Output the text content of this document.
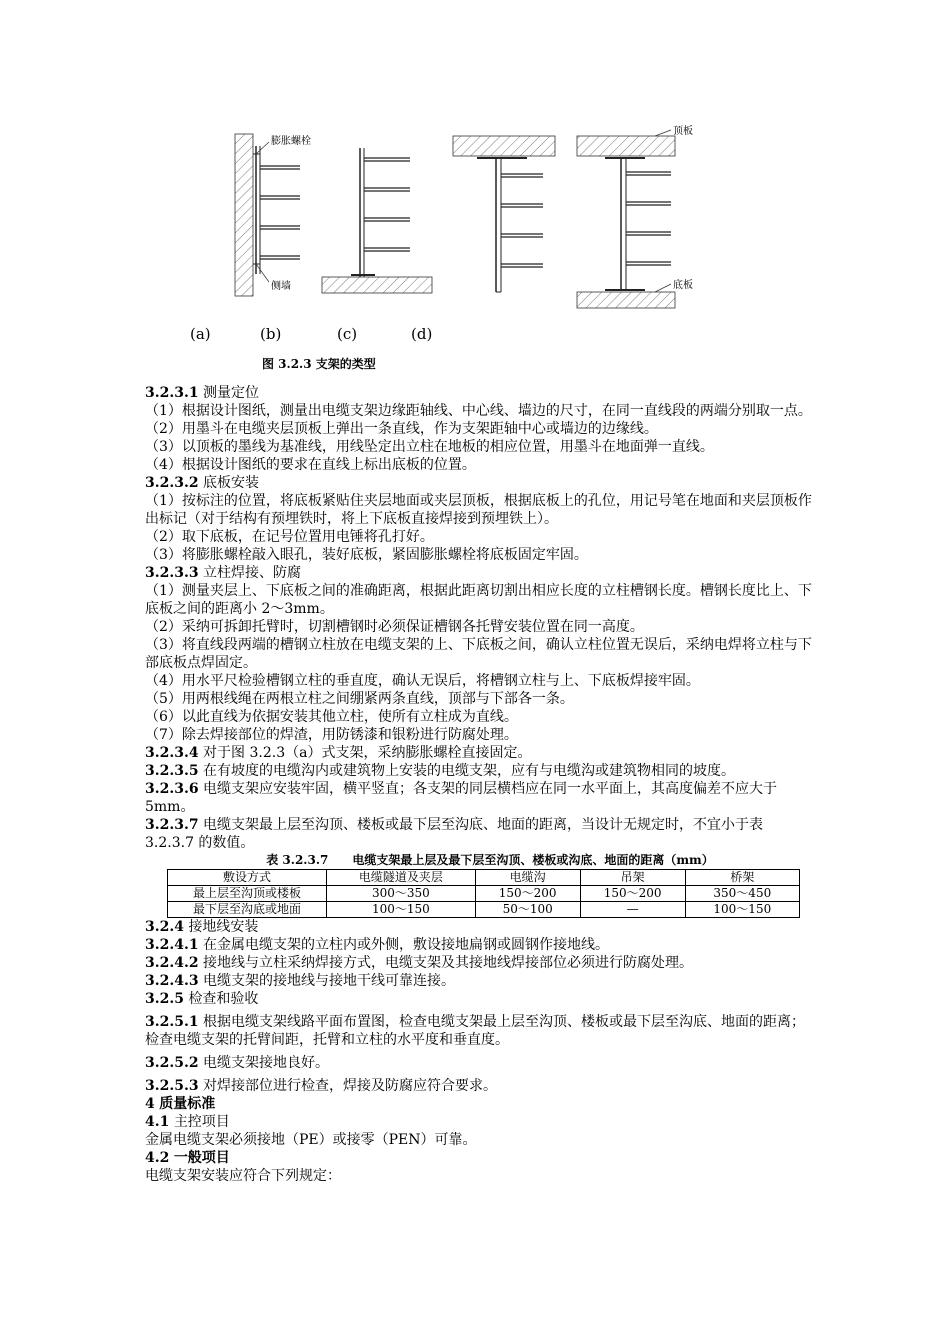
膨胀螺栓
侧墙
顶板
底板
(a)	(b)	(c)	(d)
图 3.2.3 支架的类型

3.2.3.1 测量定位

（1）根据设计图纸，测量出电缆支架边缘距轴线、中心线、墙边的尺寸，在同一直线段的两端分别取一点。

（2）用墨斗在电缆夹层顶板上弹出一条直线，作为支架距轴中心或墙边的边缘线。

（3）以顶板的墨线为基准线，用线坠定出立柱在地板的相应位置，用墨斗在地面弹一直线。

（4）根据设计图纸的要求在直线上标出底板的位置。

3.2.3.2 底板安装

（1）按标注的位置，将底板紧贴住夹层地面或夹层顶板，根据底板上的孔位，用记号笔在地面和夹层顶板作出标记（对于结构有预埋铁时，将上下底板直接焊接到预埋铁上）。

（2）取下底板，在记号位置用电锤将孔打好。

（3）将膨胀螺栓敲入眼孔，装好底板，紧固膨胀螺栓将底板固定牢固。

3.2.3.3 立柱焊接、防腐

（1）测量夹层上、下底板之间的准确距离，根据此距离切割出相应长度的立柱槽钢长度。槽钢长度比上、下底板之间的距离小 2～3mm。

（2）采纳可拆卸托臂时，切割槽钢时必须保证槽钢各托臂安装位置在同一高度。

（3）将直线段两端的槽钢立柱放在电缆支架的上、下底板之间，确认立柱位置无误后，采纳电焊将立柱与下部底板点焊固定。

（4）用水平尺检验槽钢立柱的垂直度，确认无误后，将槽钢立柱与上、下底板焊接牢固。

（5）用两根线绳在两根立柱之间绷紧两条直线，顶部与下部各一条。

（6）以此直线为依据安装其他立柱，使所有立柱成为直线。

（7）除去焊接部位的焊渣，用防锈漆和银粉进行防腐处理。

3.2.3.4 对于图 3.2.3（a）式支架，采纳膨胀螺栓直接固定。

3.2.3.5 在有坡度的电缆沟内或建筑物上安装的电缆支架，应有与电缆沟或建筑物相同的坡度。

3.2.3.6 电缆支架应安装牢固，横平竖直；各支架的同层横档应在同一水平面上，其高度偏差不应大于 5mm。

3.2.3.7 电缆支架最上层至沟顶、楼板或最下层至沟底、地面的距离，当设计无规定时，不宜小于表 3.2.3.7 的数值。

表 3.2.3.7　　电缆支架最上层及最下层至沟顶、楼板或沟底、地面的距离（mm）
敷设方式	电缆隧道及夹层	电缆沟	吊架	桥架
最上层至沟顶或楼板	300～350	150～200	150～200	350～450
最下层至沟底或地面	100～150	50～100	—	100～150

3.2.4 接地线安装

3.2.4.1 在金属电缆支架的立柱内或外侧，敷设接地扁钢或圆钢作接地线。

3.2.4.2 接地线与立柱采纳焊接方式，电缆支架及其接地线焊接部位必须进行防腐处理。

3.2.4.3 电缆支架的接地线与接地干线可靠连接。

3.2.5 检查和验收

3.2.5.1 根据电缆支架线路平面布置图，检查电缆支架最上层至沟顶、楼板或最下层至沟底、地面的距离；检查电缆支架的托臂间距，托臂和立柱的水平度和垂直度。

3.2.5.2 电缆支架接地良好。

3.2.5.3 对焊接部位进行检查，焊接及防腐应符合要求。

4 质量标准

4.1 主控项目

金属电缆支架必须接地（PE）或接零（PEN）可靠。

4.2 一般项目

电缆支架安装应符合下列规定：
